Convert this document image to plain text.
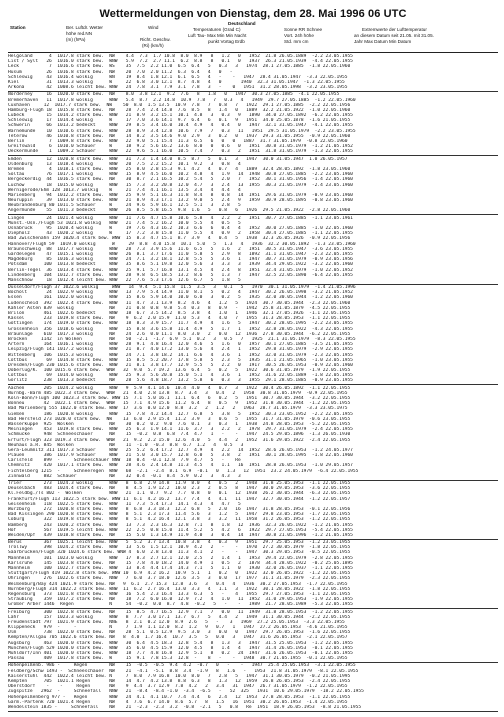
Wettermeldungen von Dienstag, dem 28. Mai 1996 06 UTC
Station	Ber. Luftdr. Wetter
höhe red.NN
(m) (hPa)
Wind
Richt. Geschw.
(Ri) (km/h)
Deutschland
Temperaturen (Grad C)
Luft Tau- Max Min Min Nacht
punkt Vortag Erdb
Sonne RR Schnee
Vort. 24h höhe
Std. mm cm
Extremwerte der Lufttemperatur
an diesem Datum seit 21.05. mit 31.05.
Jahr Max Datum Min Datum
Helgoland      4  1017.8 stark bew.  NW    4.4  7.3  1.7 10.8  8.0  8.9   8   1.2   0   1952  21.8 26.05.1889  -2.2 23.05.1955
List / Sylt   26  1016.0 stark bew.  WNW   5.9  7.2  2.7 11.1  6.2  8.8   8   0.1   0   1937  26.3 21.05.1939  -4.4 22.05.1955
Leck           7  1016.6 stark bew.  WS    35  7.5  2.2 11.0  6.5  6.4   5   0.3   3   1974  28.1 27.05.1885  -1.8 22.05.1960
Husum         26  1016.8 stark bew.  NW    20  7.0  2.0 11.2  6.3  6.4   4   0   -
Schleswig     43  1016.4 wolkig      WN    19  8.4  1.8 12.1  6.1  6.5   4   -    -   1947  28.4 31.05.1947  -3.3 22.05.1955
Kiel          31  1013.3 wolkig      W     22  6.8  3.0 12.1  8.7  4.8   4   0       1940  32.3 31.05.1947  -1.3 22.05.1955
Arkona        42  1008.6 leicht bew. WNW   24  7.8  3.1  7.9  3.1  7.8   3   -    0   1951  31.2 28.05.1998  -3.2 23.05.1955
Norderney     16  1020.0 stark bew.  NW    8.0  3.8 12.1  9.2  7.6   8   1.8   0   1947  30.3 27.05.1885  -4.1 22.05.1955
Bremerhaven   11  1017.8 wolkig      WNW   5.4  8.7  2.2 14.8  10.9  7.8   7   0.3   4   1949  29.7 27.05.1885  -1.2 22.05.1960
Cuxhaven     12  1017.7 stark bew.  NW    50  8.0  1.5 13.5  10.9  7.8   7   0.8   7   1922  29.1 27.05.1885  -2.2 22.05.1956
Hamburg-Flugh 18  1015.8 stark bew.  NW    28  7.4  2.4 14.8  7.6  8.5   8   1.4   0   1889  32.2 21.05.1922  -1.0 22.05.1960
Lübeck        15  1014.2 stark bew.  WNW   21  8.9  3.2 15.1  10.1  4.8   3   0.3   9   1890  34.0 27.05.1892  -6.2 22.05.1955
Schleswig     17  1014.4 wolkig      W     17  7.0  3.6 14.1  9.7  6.4   6   0.1   9   1951  34.0 25.05.1878  -1.6 21.05.1955
Schwerin      66  1013.2 bedeckt     WNW   29  8.5  3.4 16.0  10.4  4.9   4   0.4   0   1947  32.1 31.05.1947  -4.1 22.05.1955
Warnemünde    10  1010.6 stark bew.  WNW   28  8.9  3.4 12.8  10.6  7.9   7   0.3   11   1951  29.5 31.05.1979  -2.2 23.05.1955
Teterow       46  1010.8 stark bew.  NW    14  8.2  3.5 14.6  9.0  2.9   3   0.2   0   1937  29.3 31.05.1955  -0.9 22.05.1960
Berlin         7  1009.8 stark bew.  WNW   22  9.0  5.1 15.4  11.3  6.5   6   0   0   1887  31.7 31.05.1979  -0.8 22.05.1960
Greifswald     6  1010.0 Schauer     W     18  9.2  5.6 16.2  13.6  8.0   0   0.6   0   1951  30.8 31.05.1979  -1.2 21.05.1952
Ueckermünde    1  1009.2 Schauer     WNW   22  9.6  5.1 16.0  10.5  7.4   7   0.3   2   1951  31.8 31.05.1979  -1.3 22.05.1955
Emden         12  1020.8 stark bew.  WNW   31  7.3  1.4 14.0  8.5  8.7   5   0.1   3   1947  30.0 31.05.1947  1.0 26.05.1957
Oldenburg     13  1018.4 wolkig      WNW   20  7.5  2.2 15.2  10.1  9.2   3   0.8   4
Bremen         4  1018.1 stark bew.  WNW   25  8.0  2.8 15.3  9.1  4.2   4   0.7   4   1889  32.4 28.05.1892  -1.8 23.05.1960
Soltau        76  1017.1 wolkig      WNW   15  8.9  4.5 16.0  10.2  4.8   4   1.9   14  1948  30.8 27.05.1885  -2.2 23.05.1960
Bergeckerdig  44  1016.5 stark bew.  NW    30  8.7  2.1 16.5  10.2  5.4   5   2.0   7   1952  30.1 31.05.1956  -1.4 22.05.1960
Lüchow        18  1015.0 wolkig      WNW   15  7.3  3.2 20.8  12.0  4.7   3   2.4   13  1955  30.3 21.05.1979  -2.4 23.05.1960
Wernigerode/Ehm 128 1013.7 wolkig    W     21  7.4  4.1 16.1  13.5  3.4   4   4.4   4
Marienberg    94  1012.2 stark bew.  WNW   25  9.9  5.1 16.3  11.8  8.4   8   0.8   14  1951  29.6 31.05.1979  -0.9 23.05.1960
Neuruppin     39  1013.0 stark bew.  WNW   21  8.9  4.3 17.1  13.2  9.0   5   2.4   9   1959  30.9 28.05.1895  -0.8 23.05.1960
Neubrandenburg 80 1011.5 Schauer     W     24  9.6  5.9 16.1  12.5  5.1   3   2.8   5
Angermünde    55  1011.3 bedeckt     WNW   26  8.5  5.8 16.5  9.8  1.6   5   0.8   6   1926  29.5 21.05.1922  -2.8 22.05.1960
Lingen        24  1021.4 wolkig      WNW   11  7.6  4.7 15.8  10.6  5.8   4   2.2   2   1951  30.7 27.05.1885  -1.1 23.05.1961
Münst.-Osn./Flugh 53 1021.8 wolkig   WNW   21  7.4  5.2 16.2  10.0  5.5   4   0.5   5
Osnabrück     95  1020.4 wolkig      W     19  7.6  4.3 16.2  10.3  6.6   6   0.4   4   1952  30.0 27.05.1885  -1.0 22.05.1960
Diepholz      43  1020.2 wolkig      W     17  7.2  3.8 15.8  11.0  5.5   4   0.9   2   1958  30.4 27.05.1885  -1.1 22.05.1955
Bad Zwischenahn 159 1020.4 stark bew. WNW  15  8.3  4.7 15.1  8.7  3.9   4   0.4   5   1938  32.3 26.05.1926  -0.9 22.05.1956
Hannover/Flugh 59  1019.0 wolkig      W     29  8.8  4.0 15.8  10.1  5.0   5   1.3   4   1936  32.2 30.05.1892  -1.3 23.05.1960
Braunschweig  88  1017.7 wolkig      WNW   28  7.3  3.9 15.6  11.6  6.5   5   1.6   2   1951  30.5 31.05.1947  -3.6 23.05.1955
Gardelegen    47  1015.1 wolkig      WNW   26  8.1  3.7 17.6  11.0  5.8   5   2.9   8   1892  31.1 31.05.1947  -2.3 22.05.1955
Magdeburg     85  1016.3 wolkig      WNW   24  7.1  3.2 18.1  12.8  5.5   5   3.6   1   1947  30.7 31.05.1979  -0.9 23.05.1956
Potsdam      100  1013.8 bedeckt     WNW   35  8.6  5.1 19.8  12.0  5.6   3   3.3   3   1939  34.4 29.05.1922  -3.2 22.05.1960
Berlin-Tegel  36  1013.4 stark bew.  WNW   25  9.1  5.7 16.8  13.1  4.5   4   2.4   8   1951  32.4 31.05.1979  -1.0 22.05.1952
Lindenberg   104  1012.7 stark bew.  WNW   28  9.8  6.5 18.5  13.2  8.6   5   1.3   7   1947  32.5 22.05.1890  -6.4 22.05.1955
Manschnow     18  1012.4 leicht bew. WNW   22  7.6  5.3 17.6  12.6  6.7   5   1.8   5
Düsseldorf/Flugh 37 1022.6 wolkig     WNW   14  9.4  5.1 15.8  11.5  3.5   3   0.1   5   1970  30.1 31.05.1979  -1.4 21.05.1996
Bocholt       24  1022.9 wolkig      WNW   13  7.9  5.4 14.9  11.0  8.1   5   0.2   4   1947  30.2 26.05.1998  -3.2 21.05.1952
Essen        161  1022.0 wolkig      WNW   15  8.6  5.9 14.0  10.0  6.0   3   0.2   5   1935  32.0 30.05.1944  -1.2 22.05.1960
Lüdenscheid  392  1022.4 stark bew.  WNW   11  4.7  3.1 13.9  8.2  4.6   4   1.2   5   1924  30.7 30.05.1944  -2.3 22.05.1960
Kahler Asten 839  wolkig             NW    21  0.8  0.8  9.8  5.4  0.3   8   0.9   -   1942  25.8 31.05.1879  -4.5 22.05.1955
Brilon       461  1022.6 bedeckt     WNW   18  6.7  3.5 14.2  8.5  3.8   4   1.0   1   1946  32.1 27.05.1926  -1.1 22.05.1955
Kassel       233  1019.8 stark bew.  NW    9  6.2  2.0 15.9  11.0  5.3   4   4.0   7   1955  31.3 28.05.1953  -1.1 22.05.1955
Göttingen    174  1019.0 stark bew.  WNW   18  8.3  3.9 15.7  11.7  4.9   4   1.6   5   1947  30.2 28.05.1995  -2.2 23.05.1955
Grossenhein  356  1018.6 wolkig      WNW   15  8.8  3.6 15.8  11.4  4.9   5   1.7   1   1952  32.8 28.05.1922  -4.3 22.05.1955
Braunlage    610  1017.3 wolkig      NW    24  2.6  0.0 11.1  8.0  3.0   2   0.0   12  1936  27.8 30.05.1944  -6.2 22.05.1955
Brocken     1142  in Wolken          NW    50  -2.1  -1.7  6.9  5.1  0.2   3   0.5   7   1925  21.1 31.05.1979  -8.3 22.05.1955
Artern       164  1016.1 wolkig      WNW   28  9.1  4.8 16.4  12.0  4.6   5   1.6   0   1957  30.1 27.05.1885  -3.5 21.05.1955
Leipzig/Flugh 141 1017.2 wolkig      WNW   21  8.7  4.0 17.2  13.0  5.6   4   2.4   1   1952  29.8 31.05.1979  -2.9 22.05.1955
Wittenberg   106  1015.3 wolkig      WNW   24  7.1  3.8 18.2  14.1  6.6   4   3.6   1   1952  32.0 31.05.1979  -2.3 22.05.1955
Cottbus       69  1014.8 stark bew.  WNW   15  8.5  5.2 20.7  17.8  5.8   5   2.3   5   1935  31.1 21.05.1965  -1.0 23.05.1955
Dresden/Flugh 230 1015.6 stark bew.  WNW   21  8.1  3.8 17.7  12.9  5.5   5   2.2   0   1917  30.5 26.05.1953  -0.9 22.05.1960
Doberlug/K.  100 1015.6 stark bew.  WNW   32  9.0  5.7 19.2  13.6  6.4   5   0.2   5   1922  30.6 31.05.1979  -1.9 22.05.1955
Cottbus       69  1014.0 wolkig      WNW   25  9.3  5.6 20.8  15.0  5.1   4   3.6   1   1952  31.6 22.05.1889  -1.8 22.05.1955
Görlitz      238  1013.3 bedeckt     NW    28  5.6  4.8 18.7  13.2  5.8   6   0.3   3   1955  29.1 28.05.1885  -0.9 23.05.1955
Aachen       205  1024.2 wolkig      WNW   9  5.9  4.1 14.6  10.4  4.0   4   0.7   3   1922  30.4 26.05.1892  -1.1 22.05.1955
Nürnbg.-Barm 485 1022.3 stark bew.  WNW   21  4.0  2.8 13.8  8.7  3.4   3   0.4   2   1958  30.8 31.05.1979  -0.9 22.05.1955
Köln-Bonn/Flugh 100 1023.3 stark bew. WNW 15  7.1  5.0 16.1  11.1  6.4   6   0.2   5   1951  30.7 30.05.1944  -3.2 22.05.1955
Bonneu       42  1022.1 stark bew.  WNW   15  7.1  4.9 15.6  11.2  6.4   8   0.5   9   1952  31.8 30.05.1944  -1.2 22.05.1955
Bad Marienberg 555 1022.0 stark bew. WNW  17  3.6  0.0 12.0  8.8  3.2   2   1.2   2   1963  28.7 31.05.1979  -3.3 23.05.1975
Gießen       186  1020.8 wolkig      WNW   15  7.8  4.2 14.4  12.7  6.8   5   3.8   5   1952  30.3 23.05.1952  -2.2 22.05.1955
Bad Hersfeld 273 1020.0 stark bew.  NW    13  6.0  2.9 15.4  11.2  3.9   3   0.6   5   1955  31.7 31.05.1979  -0.6 23.05.1955
Wasserkuppe  925  Wolken             NW    30  0.2  0.2  9.0  7.6  0.1   3   0.3   1   1938  24.8 28.05.1953  -5.2 22.05.1955
Meiningen    453  1019.8 stark bew.  WNW   25  6.3  1.9 14.1  11.6  3.7   3   2.2   2   1978  29.7 31.05.1979  -2.4 22.05.1955
Schmücke     948  Schneeschauer      NW    15  -0.2  0.8  6.8  7.4  4.7   1   -    -   1947  24.5 29.05.1896  -1.3 26.05.1930
Erfurt/Flugh 323 1019.3 stark bew.  WNW   21  9.2  2.2 15.0  12.6  4.0   5   4.4   2   1952  31.6 29.05.1922  -2.4 22.05.1955
Neuhaus a.R. 845  Wolken             NW    11  -1.0  -0.3  8.8  6.7  1.2   4   0.5   3
Gera-Leumnitz 311 1017.3 Schauer     WNW   25  5.2  6.4 17.2  12.7  4.9   4   2.2   14  1952  28.6 26.05.1953  -1.2 24.05.1977
Plauen       386  1017.9 Schauer     WNW   21  5.0  3.0 15.7  12.8  6.0   5   3.8   2   1951  30.1 28.05.1995  -1.8 22.05.1960
Carlsfeld    899  -     Schneeschauer NNW  18  0.4  -0.1 12.8  7.9  4.7   5   -    Re
Chemnitz     420  1017.1 stark bew.  WNW   28  4.6  2.4 14.8  11.3  4.5   4   1.1   16  1951  28.8 26.05.1953  -1.0 29.05.1957
Fichtelberg 1215  -     Schneeregen  WNW   68  -2.1  -2.4  8.1  6.9  -0.1   0   1.3   12  1951  23.2 24.05.1979  -6.4 22.05.1955
Zinnwald     882  Schauer            NW    32  0.4  -0.1  8.4  5.9  0.2   3   4.3   3
Trier        273  1024.3 wolkig      WNW   8  6.8  2.9 14.8  11.9  8.0   4   0.5   2   1948  31.8 25.05.1953  -1.1 22.05.1955
Deuselbach   483  1024.4 stark bew.  NW    8  4.5  1.9 12.2  10.0  2.3   2   0.5   8   1947  30.0 29.05.1953  -3.6 22.05.1955
Kl.Feldbg./Ts 802 -  Wolken          WNW   21  1.1  0.7  9.2  7.7  0.8   0   0.1   12  1938  26.2 30.05.1944  -6.3 22.05.1955
Frankfurt/Flugh 113 1022.5 stark bew. WNW 11  6.1  4.2 16.2  13.7  7.4   4   4.1   11  1947  32.7 30.05.1944  -1.2 22.05.1957
Geisenheim   118  1022.5 stark bew.  WNW   11  7.3  5.4 17.3  14.1  4.3   4   4.7   5
Würzburg     272  1020.8 stark bew.  WNW   8  6.8  3.3 18.3  12.2  6.8   5   2.0   16  1947  31.8 28.05.1953  -0.1 22.05.1956
Bad Kissingen 290 1020.8 stark bew.  WNW   8  5.1  2.3 17.3  11.4  5.6   3   1.2   5   1947  29.8 23.05.1953  -1.7 22.05.1955
Coburg       322  1019.8 stark bew.  WNW   8  5.1  4.2 16.4  12.1  3.8   3   3.2   11  1958  31.2 26.05.1953  -1.2 22.05.1955
Bamberg      243  1020.2 stark bew.  WNW   13  7.3  2.3 16.3  12.8  7.1   8   1.8   12  1936  32.3 26.05.1922  -1.2 21.05.1955
Hof          567  1019.5 leicht bew. WNW   22  2.5  0.8 15.0  11.4  5.2   5   4.2   6   1922  29.7 27.05.1953  -5.4 22.05.1955
Weiden/Opf   439  1018.8 stark bew.  NW    15  5.0  1.3 14.9  11.9  4.0   3   0.4   14  1947  30.8 21.05.1996  -1.2 21.05.1955
Berus        367  1025.1 leicht bew. NNW   5  5.2  3.7 13.4  10.8  3.8   4   0.3   9   1951  29.7 25.05.1953  -1.2 23.05.1955
Trollwy      398  1024.2 stark bew.  WNW   13  5.6  1.5 12.1  10.9  4.2   2   -    -   1970  27.2 30.05.1979  -1.8 22.05.1955
Saarbrücken/Flugh 320 1024.6 stark bew. WNW 4  6.0  2.8 13.0  11.3  4.1   2   -    -   1947  30.3 29.05.1953  -0.5 22.05.1955
Mannheim     101  1023.0 wolkig      WNW   17  8.3  2.7 12.1  12.0  2.5   2   1.4   1   1953  29.4 22.05.1979  -2.8 22.05.1955
Karlsruhe    145  1023.8 stark bew.  NW    15  7.8  4.0 18.2  14.0  4.9   1   0.5   2   1878  34.4 28.05.1922  -0.2 25.05.1895
Mannheim     100  1022.7 stark bew.  WNW   13  8.4  4.4 17.4  14.3  7.1   5   1.1   0   1930  32.0 26.05.1937  -1.1 22.05.1955
Stuttgart/Flugh 419 1022.8 stark bew. WNW 10  6.9  4.2 16.2  10.9  5.1   1   0.2   0   1922  32.0 26.05.1922  -1.2 22.05.1955
Öhringen     276  1022.6 stark bew.  NNW   7  6.0  3.7 18.0  12.6  3.5   3   0.0   17  1977  31.1 31.05.1979  -2.3 22.05.1955
Weißenburg/Bay 424 1021.9 stark bew. NW   9  6.1  2.7 15.3  12.8  3.6   3   0.4   4   1936  30.2 27.05.1953  -1.7 22.05.1955
Nürnberg/Flugh 314 1022.2 stark bew. WNW  11  6.2  2.7 16.4  13.0  3.3   4   1.1   3   1922  30.1 28.05.1922  -1.8 22.05.1955
Regensburg   373  1021.8 stark bew.  WNW   16  5.4  2.3 16.4  13.3  6.3   5   -    4   1955  29.7 27.05.1953  -1.1 22.05.1955
Straubing    359  1017.2 stark bew.  NW    18  7.2  6.0 16.0  12.9  7.2   4   1.0   11  1952  31.0 29.05.1953  -1.9 22.05.1955
Großer Arber 1446  Regen             N     54  -0.2  0.0  8.7  4.8  -0.2   5   -    -   1989  21.7 28.05.1989  -5.3 22.05.1955
Freiburg     300  1022.8 stark bew.  NW    15  8.5  4.7 16.5  12.9  7.1   7   0.0   11  1949  31.8 28.05.1953  -1.2 22.05.1955
Lahr         157  1023.3 wolkig      WNW   8  7.7  3.0 17.1  13.7  6.7   5   4.4   2   1949  31.1 30.05.1944  -2.2 22.05.1955
Freudenstadt 797  1021.9 stark bew.  NNE   8  2.1  0.2 12.0  8.9  2.6   5   -    3   1969  27.2 25.05.1953  -3.3 22.05.1955
Klippeneck   979  -     -            N     7  1.9  1.1 12.0  8.2  1.2   9   0.7   1   1947  27.2 26.05.1953  -4.6 21.05.1955
Ulm          738  1022.0 stark bew.  NW    28  5.1  0.5 12.9  9.5  3.0   3   0.0   0   1947  29.7 26.05.1953  -1.6 22.05.1955
Kempten/Allgäu 705 1022.6 stark bew. NW   8  4.0  1.7 16.4  10.7  3.5   5   0.0   3   1947  31.6 26.05.1953  -2.1 22.05.1957
Augsburg     463  1020.0 stark bew.  WNW   30  6.4  4.5 18.3  12.8  5.4   8   1.3   3   1947  31.5 25.05.1953  -1.2 22.05.1955
München/Flugh 529 1020.0 stark bew.  WNW   35  6.0  4.5 15.9  12.0  4.5   8   1.4   4   1947  31.4 26.05.1953  -0.1 22.05.1955
Mühldorf/Inn 401  1020.0 stark bew.  WNW   18  7.7  4.8 16.8  12.9  5.1   8   0.2   24  1947  31.6 26.05.1953  -0.1 22.05.1955
Passau       409  1017.8 stark bew.  W     15  9.1  7.8 15.3  12.8  -    8   -    -   1948  30.7 21.05.1955  -0.1 22.05.1955
Hohenpeißenb. 986 -     Regen        NW    15  -0.5  -0.5  9.4  4.2  -0.7   0   -    -   1947  25.4 25.05.1953  -3.1 22.05.1955
Feldberg/Schw 1493 -  Schneeschauer  NW    21  -4.1  -5.1  8.8  3.4  -1.9   8   1.6   -   1953  21.8 31.05.1979  -8.1 22.05.1955
Kaiserstuhl  442  1022.4 leicht bew. N     7  8.0  7.9 16.8  10.0  8.0   7   2.8   5   1947  31.1 30.05.1979  -0.2 21.05.1995
Kempten      705  1021.1 Regen       NW    14  4.7  4.2 13.8  8.8  6.3   8   1.3   12  1959  26.8 26.05.1953  -2.4 22.05.1955
Oberstdorf    -    -     Regen       NW    9  4.4  3.7 12.9  7.8  4.2   2   3.4   31  1947  26.7 31.05.1979  -1.2 22.05.1955
Zugspitze   2962  -     Schneefall   NNW   21  -8.4  -8.4 -1.0  -3.4  -6.5   -   52  325   1931  10.6 29.05.1979  -18.2 22.05.1955
Hohenpeißenberg 977 -   Regen        WNW   24  4.1  4.1 10.7  7.4  4.4   6   2.4   12  1953  27.8 28.05.1953  -1.1 22.05.1955
Garm.-Partenk 720 1021.4 Regen       NW    4  7.6  6.7 14.0  8.6  5.7   8   1.5   16  1951  30.2 26.05.1953  -1.4 22.05.1955
Wendelstein 1835 -     Schneefall    NW    21  -2.3  -2.3  3.2  -0.8  -2.1   5   0.8   Re  1951  18.9 26.05.1953  -8.8 21.05.1955
